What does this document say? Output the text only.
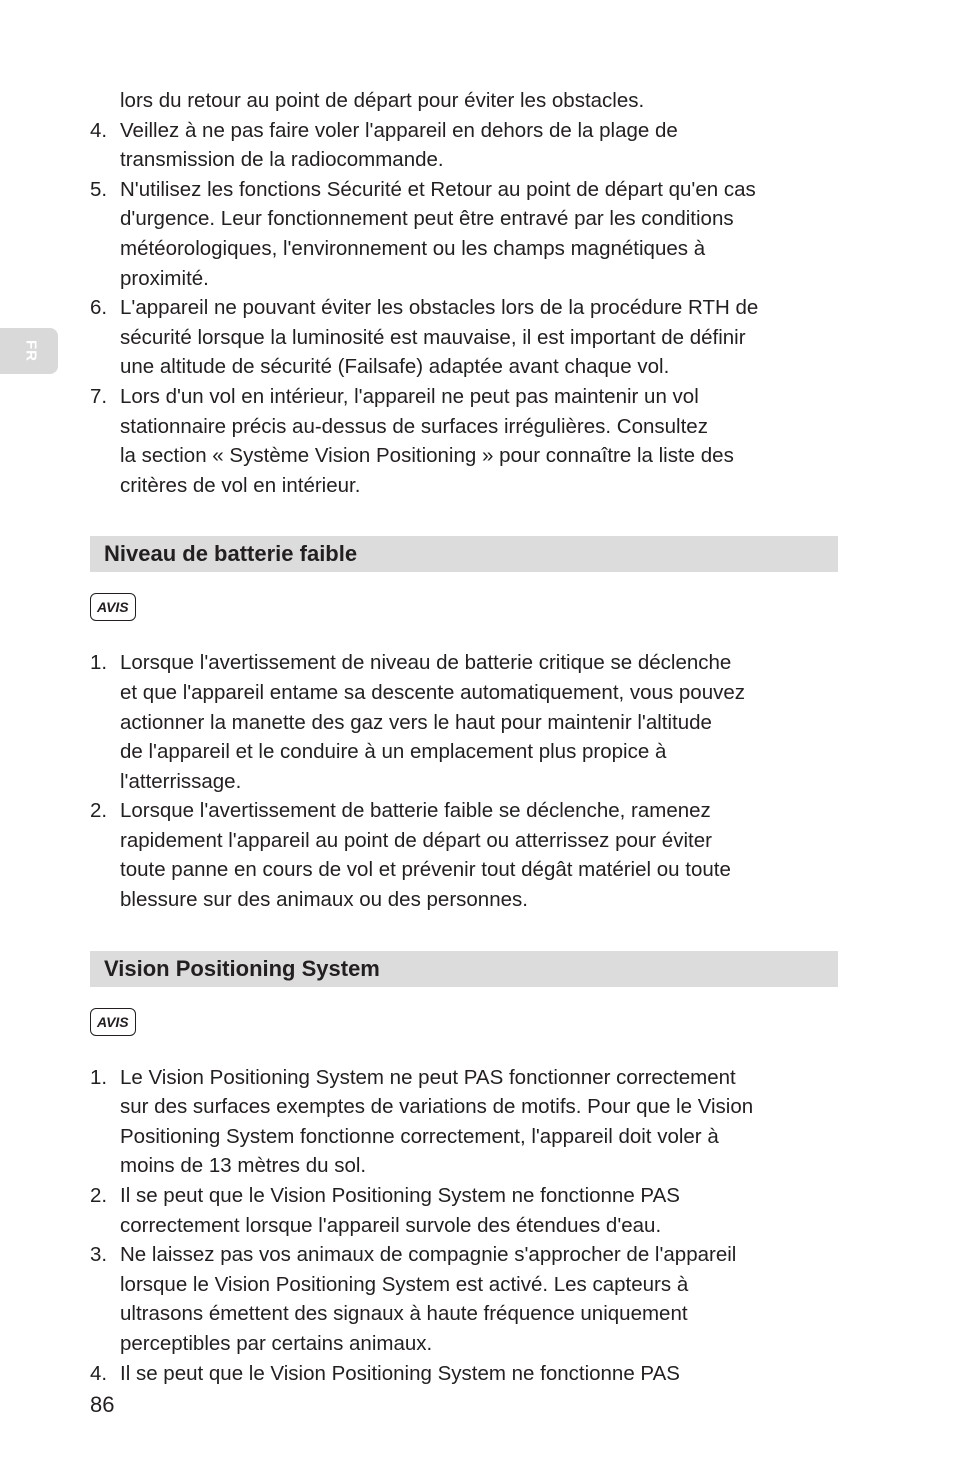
FR
lors du retour au point de départ pour éviter les obstacles.
4. Veillez à ne pas faire voler l'appareil en dehors de la plage de
transmission de la radiocommande.
5. N'utilisez les fonctions Sécurité et Retour au point de départ qu'en cas
d'urgence. Leur fonctionnement peut être entravé par les conditions
météorologiques, l'environnement ou les champs magnétiques à
proximité.
6. L'appareil ne pouvant éviter les obstacles lors de la procédure RTH de
sécurité lorsque la luminosité est mauvaise, il est important de définir
une altitude de sécurité (Failsafe) adaptée avant chaque vol.
7. Lors d'un vol en intérieur, l'appareil ne peut pas maintenir un vol
stationnaire précis au-dessus de surfaces irrégulières. Consultez
la section « Système Vision Positioning » pour connaître la liste des
critères de vol en intérieur.
Niveau de batterie faible
AVIS
1. Lorsque l'avertissement de niveau de batterie critique se déclenche
et que l'appareil entame sa descente automatiquement, vous pouvez
actionner la manette des gaz vers le haut pour maintenir l'altitude
de l'appareil et le conduire à un emplacement plus propice à
l'atterrissage.
2. Lorsque l'avertissement de batterie faible se déclenche, ramenez
rapidement l'appareil au point de départ ou atterrissez pour éviter
toute panne en cours de vol et prévenir tout dégât matériel ou toute
blessure sur des animaux ou des personnes.
Vision Positioning System
AVIS
1. Le Vision Positioning System ne peut PAS fonctionner correctement
sur des surfaces exemptes de variations de motifs. Pour que le Vision
Positioning System fonctionne correctement, l'appareil doit voler à
moins de 13 mètres du sol.
2. Il se peut que le Vision Positioning System ne fonctionne PAS
correctement lorsque l'appareil survole des étendues d'eau.
3. Ne laissez pas vos animaux de compagnie s'approcher de l'appareil
lorsque le Vision Positioning System est activé. Les capteurs à
ultrasons émettent des signaux à haute fréquence uniquement
perceptibles par certains animaux.
4. Il se peut que le Vision Positioning System ne fonctionne PAS
86
